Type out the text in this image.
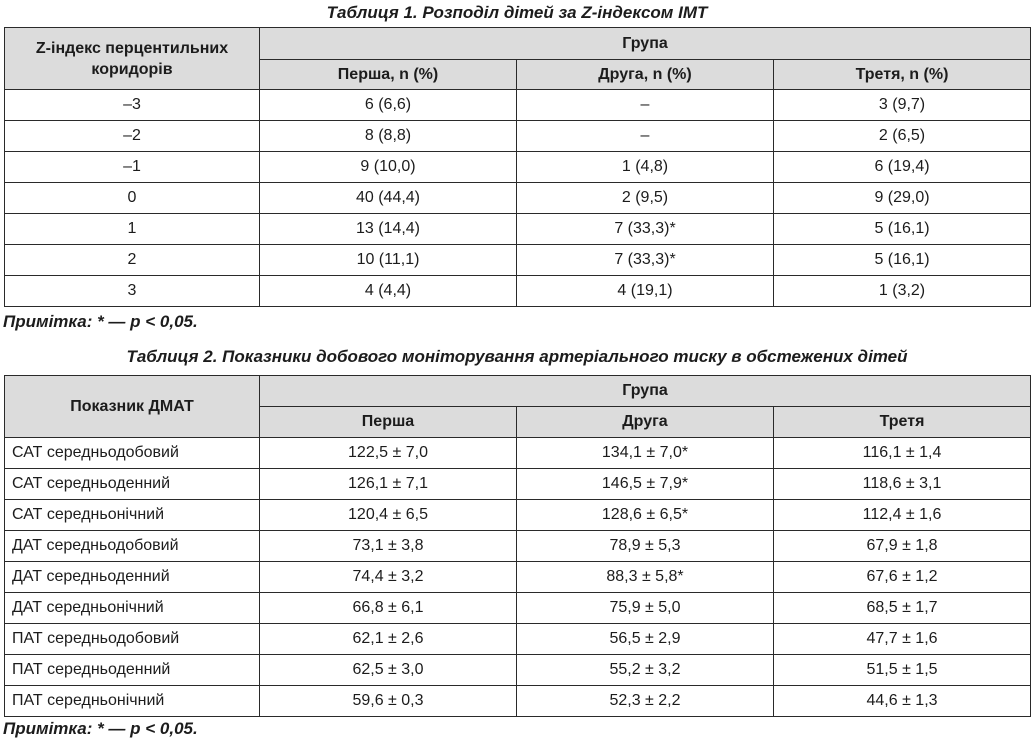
Таблиця 1. Розподіл дітей за Z-індексом ІМТ
Z-індекс перцентильних коридорів	Група		
	Перша, n (%)	Друга, n (%)	Третя, n (%)
–3	6 (6,6)	–	3 (9,7)
–2	8 (8,8)	–	2 (6,5)
–1	9 (10,0)	1 (4,8)	6 (19,4)
0	40 (44,4)	2 (9,5)	9 (29,0)
1	13 (14,4)	7 (33,3)*	5 (16,1)
2	10 (11,1)	7 (33,3)*	5 (16,1)
3	4 (4,4)	4 (19,1)	1 (3,2)
Примітка: * — p < 0,05.
Таблиця 2. Показники добового моніторування артеріального тиску в обстежених дітей
Показник ДМАТ	Група		
	Перша	Друга	Третя
САТ середньодобовий	122,5 ± 7,0	134,1 ± 7,0*	116,1 ± 1,4
САТ середньоденний	126,1 ± 7,1	146,5 ± 7,9*	118,6 ± 3,1
САТ середньонічний	120,4 ± 6,5	128,6 ± 6,5*	112,4 ± 1,6
ДАТ середньодобовий	73,1 ± 3,8	78,9 ± 5,3	67,9 ± 1,8
ДАТ середньоденний	74,4 ± 3,2	88,3 ± 5,8*	67,6 ± 1,2
ДАТ середньонічний	66,8 ± 6,1	75,9 ± 5,0	68,5 ± 1,7
ПАТ середньодобовий	62,1 ± 2,6	56,5 ± 2,9	47,7 ± 1,6
ПАТ середньоденний	62,5 ± 3,0	55,2 ± 3,2	51,5 ± 1,5
ПАТ середньонічний	59,6 ± 0,3	52,3 ± 2,2	44,6 ± 1,3
Примітка: * — p < 0,05.
